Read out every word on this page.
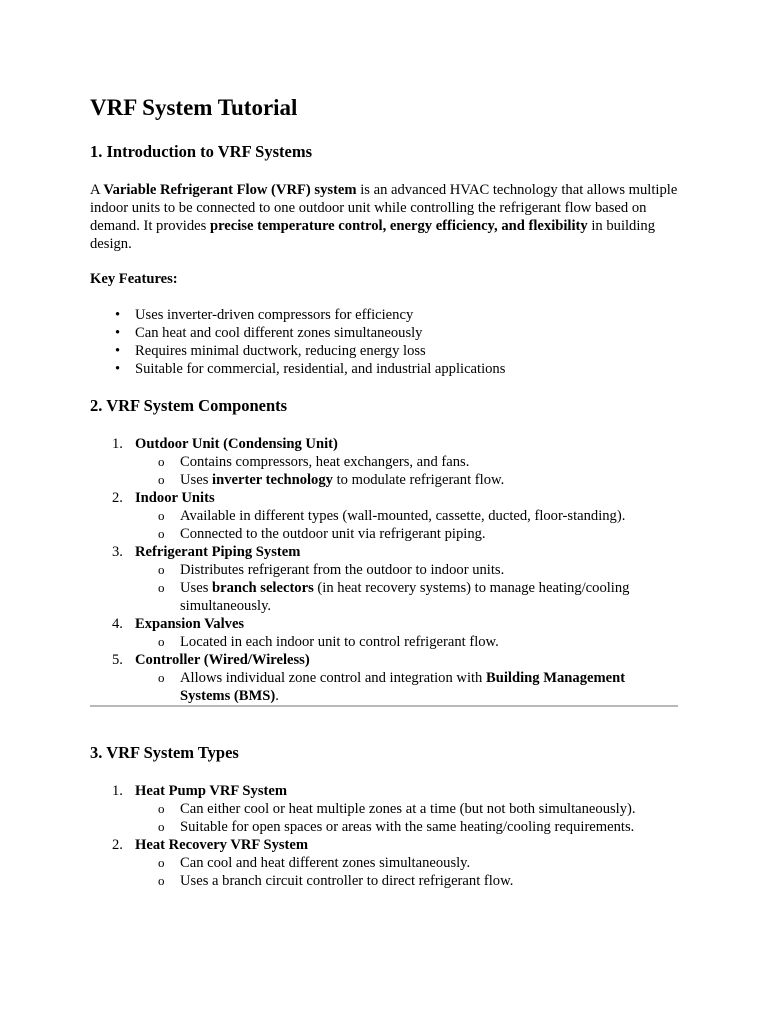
VRF System Tutorial
1. Introduction to VRF Systems

A Variable Refrigerant Flow (VRF) system is an advanced HVAC technology that allows multiple indoor units to be connected to one outdoor unit while controlling the refrigerant flow based on demand. It provides precise temperature control, energy efficiency, and flexibility in building design.

Key Features:

• Uses inverter-driven compressors for efficiency
• Can heat and cool different zones simultaneously
• Requires minimal ductwork, reducing energy loss
• Suitable for commercial, residential, and industrial applications
2. VRF System Components
1. Outdoor Unit (Condensing Unit)
o Contains compressors, heat exchangers, and fans.
o Uses inverter technology to modulate refrigerant flow.
2. Indoor Units
o Available in different types (wall-mounted, cassette, ducted, floor-standing).
o Connected to the outdoor unit via refrigerant piping.
3. Refrigerant Piping System
o Distributes refrigerant from the outdoor to indoor units.
o Uses branch selectors (in heat recovery systems) to manage heating/cooling simultaneously.
4. Expansion Valves
o Located in each indoor unit to control refrigerant flow.
5. Controller (Wired/Wireless)
o Allows individual zone control and integration with Building Management Systems (BMS).
3. VRF System Types
1. Heat Pump VRF System
o Can either cool or heat multiple zones at a time (but not both simultaneously).
o Suitable for open spaces or areas with the same heating/cooling requirements.
2. Heat Recovery VRF System
o Can cool and heat different zones simultaneously.
o Uses a branch circuit controller to direct refrigerant flow.
